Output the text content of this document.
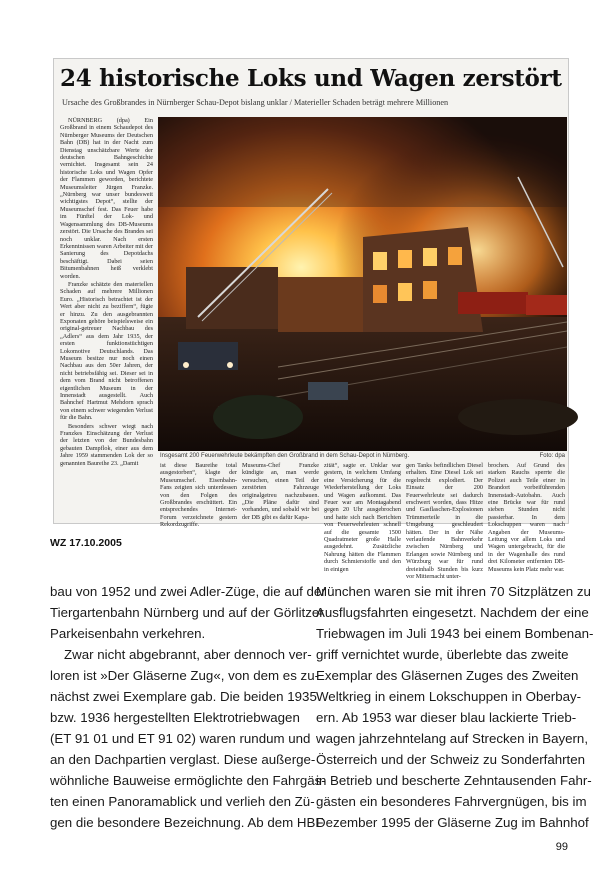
24 historische Loks und Wagen zerstört
Ursache des Großbrandes in Nürnberger Schau-Depot bislang unklar / Materieller Schaden beträgt mehrere Millionen

NÜRNBERG (dpa) Ein Großbrand in einem Schaudepot des Nürnberger Museums der Deutschen Bahn (DB) hat in der Nacht zum Dienstag unschätzbare Werte der deutschen Bahngeschichte vernichtet. Insgesamt sein 24 historische Loks und Wagen Opfer der Flammen geworden, berichtete Museumsleiter Jürgen Franzke. „Nürnberg war unser bundesweit wichtigstes Depot“, stellte der Museumschef fest. Das Feuer habe im Fünftel der Lok- und Wagensammlung des DB-Museums zerstört. Die Ursache des Brandes sei noch unklar. Nach ersten Erkenntnissen waren Arbeiter mit der Sanierung des Depotdachs beschäftigt. Dabei seien Bitumenbahnen heiß verklebt worden.

Franzke schätzte den materiellen Schaden auf mehrere Millionen Euro. „Historisch betrachtet ist der Wert aber nicht zu beziffern“, fügte er hinzu. Zu den ausgebrannten Exponaten gehöre beispielsweise ein original-getreuer Nachbau des „Adlers“ aus dem Jahr 1935, der ersten funktionstüchtigen Lokomotive Deutschlands. Das Museum besitze nur noch einen Nachbau aus den 50er Jahren, der nicht betriebsfähig sei. Dieser sei in dem vom Brand nicht betroffenen eigentlichen Museum in der Innenstadt ausgestellt. Auch Bahnchef Hartmut Mehdorn sprach von einem schwer wiegenden Verlust für die Bahn.

Besonders schwer wiegt nach Franzkes Einschätzung der Verlust der letzten von der Bundesbahn gebauten Dampflok, einer aus dem Jahre 1959 stammenden Lok der so genannten Baureihe 23. „Damit

Insgesamt 200 Feuerwehrleute bekämpften den Großbrand in dem Schau-Depot in Nürnberg.	Foto: dpa
ist diese Baureihe total ausgestorben“, klagte der Museumschef. Eisenbahn-Fans zeigten sich unterdessen von den Folgen des Großbrandes erschüttert. Ein entsprechendes Internet-Forum verzeichnete gestern Rekordzugriffe.
Museums-Chef Franzke kündigte an, man werde versuchen, einen Teil der zerstörten Fahrzeuge originalgetreu nachzubauen. „Die Pläne dafür sind vorhanden, und sobald wir bei der DB gibt es dafür Kapa-
zität“, sagte er. Unklar war gestern, in welchem Umfang eine Versicherung für die Wiederherstellung der Loks und Wagen aufkommt. Das Feuer war am Montagabend gegen 20 Uhr ausgebrochen und hatte sich nach Berichten von Feuerwehrleuten schnell auf die gesamte 1500 Quadratmeter große Halle ausgedehnt. Zusätzliche Nahrung hätten die Flammen durch Schmierstoffe und den in einigen
gen Tanks befindlichen Diesel erhalten. Eine Diesel Lok sei regelrecht explodiert. Der Einsatz der 200 Feuerwehrleute sei dadurch erschwert worden, dass Hitze und Gasflaschen-Explosionen Trümmerteile in die Umgebung geschleudert hätten. Der in der Nähe verlaufende Bahnverkehr zwischen Nürnberg und Erlangen sowie Nürnberg und Würzburg war für rund dreieinhalb Stunden bis kurz vor Mitternacht unter-
brochen. Auf Grund des starken Rauchs sperrte die Polizei auch Teile einer in Brandort vorbeiführenden Innenstadt-Autobahn. Auch eine Brücke war für rund sieben Stunden nicht passierbar. In dem Lokschuppen waren nach Angaben der Museums-Leitung vor allem Loks und Wagen untergebracht, für die in der Wagenhalle des rund drei Kilometer entfernten DB-Museums kein Platz mehr war.
WZ 17.10.2005
bau von 1952 und zwei Adler-Züge, die auf der
Tiergartenbahn Nürnberg und auf der Görlitzer
Parkeisenbahn verkehren.
Zwar nicht abgebrannt, aber dennoch ver-
loren ist »Der Gläserne Zug«, von dem es zu-
nächst zwei Exemplare gab. Die beiden 1935
bzw. 1936 hergestellten Elektrotriebwagen
(ET 91 01 und ET 91 02) waren rundum und
an den Dachpartien verglast. Diese außerge-
wöhnliche Bauweise ermöglichte den Fahrgäs-
ten einen Panoramablick und verlieh den Zü-
gen die besondere Bezeichnung. Ab dem HBF
München waren sie mit ihren 70 Sitzplätzen zu
Ausflugsfahrten eingesetzt. Nachdem der eine
Triebwagen im Juli 1943 bei einem Bombenan-
griff vernichtet wurde, überlebte das zweite
Exemplar des Gläsernen Zuges des Zweiten
Weltkrieg in einem Lokschuppen in Oberbay-
ern. Ab 1953 war dieser blau lackierte Trieb-
wagen jahrzehntelang auf Strecken in Bayern,
Österreich und der Schweiz zu Sonderfahrten
in Betrieb und bescherte Zehntausenden Fahr-
gästen ein besonderes Fahrvergnügen, bis im
Dezember 1995 der Gläserne Zug im Bahnhof
99
